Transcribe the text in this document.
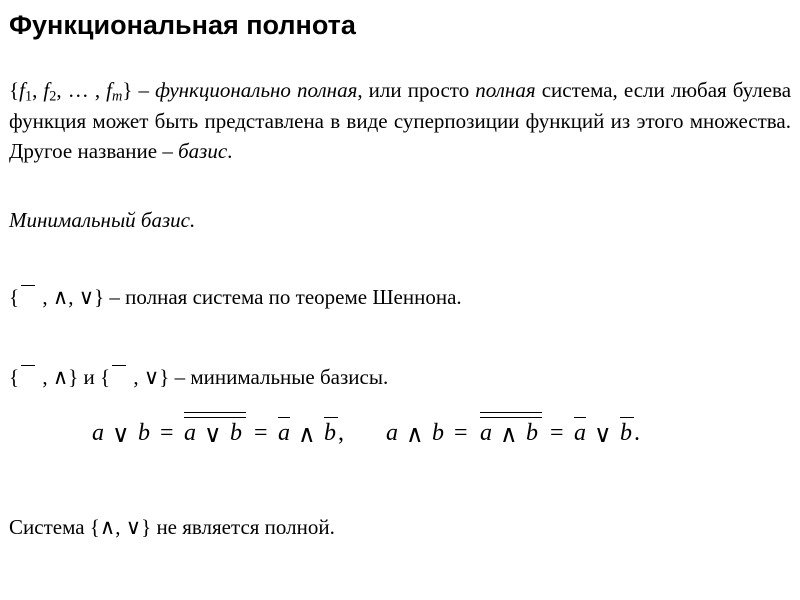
Функциональная полнота

{$f_1$, $f_2$, … , $f_m$} – функционально полная, или просто полная система, если любая булева функция может быть представлена в виде суперпозиции функций из этого множества. Другое название – базис.

Минимальный базис.

{ , ∧, ∨} – полная система по теореме Шеннона.

{ , ∧} и { , ∨} – минимальные базисы.

a ∨ b = a ∨ b = a ∧ b , a ∧ b = a ∧ b = a ∨ b .

Система {∧, ∨} не является полной.
